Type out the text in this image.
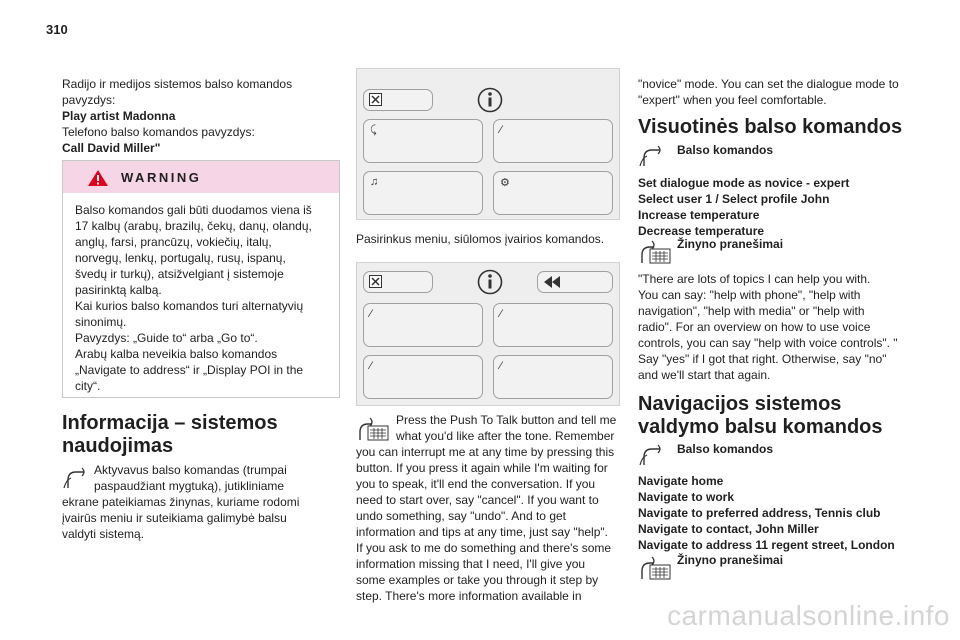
310
Radijo ir medijos sistemos balso komandos
pavyzdys:
Play artist Madonna
Telefono balso komandos pavyzdys:
Call David Miller"
WARNING
Balso komandos gali būti duodamos viena iš
17 kalbų (arabų, brazilų, čekų, danų, olandų,
anglų, farsi, prancūzų, vokiečių, italų,
norvegų, lenkų, portugalų, rusų, ispanų,
švedų ir turkų), atsižvelgiant į sistemoje
pasirinktą kalbą.
Kai kurios balso komandos turi alternatyvių
sinonimų.
Pavyzdys: „Guide to“ arba „Go to“.
Arabų kalba neveikia balso komandos
„Navigate to address“ ir „Display POI in the
city“.
Informacija – sistemos
naudojimas
Aktyvavus balso komandas (trumpai
paspaudžiant mygtuką), jutikliniame
ekrane pateikiamas žinynas, kuriame rodomi
įvairūs meniu ir suteikiama galimybė balsu
valdyti sistemą.
⤹	∕
♫	⚙
Pasirinkus meniu, siūlomos įvairios komandos.
∕	∕
∕	∕
Press the Push To Talk button and tell me
what you'd like after the tone. Remember
you can interrupt me at any time by pressing this
button. If you press it again while I'm waiting for
you to speak, it'll end the conversation. If you
need to start over, say "cancel". If you want to
undo something, say "undo". And to get
information and tips at any time, just say "help".
If you ask to me do something and there's some
information missing that I need, I'll give you
some examples or take you through it step by
step. There's more information available in
"novice" mode. You can set the dialogue mode to
"expert" when you feel comfortable.
Visuotinės balso komandos
Balso komandos
Set dialogue mode as novice - expert
Select user 1 / Select profile John
Increase temperature
Decrease temperature
Žinyno pranešimai
"There are lots of topics I can help you with.
You can say: "help with phone", "help with
navigation", "help with media" or "help with
radio". For an overview on how to use voice
controls, you can say "help with voice controls". "
Say "yes" if I got that right. Otherwise, say "no"
and we'll start that again.
Navigacijos sistemos
valdymo balsu komandos
Balso komandos
Navigate home
Navigate to work
Navigate to preferred address, Tennis club
Navigate to contact, John Miller
Navigate to address 11 regent street, London
Žinyno pranešimai
carmanualsonline.info
